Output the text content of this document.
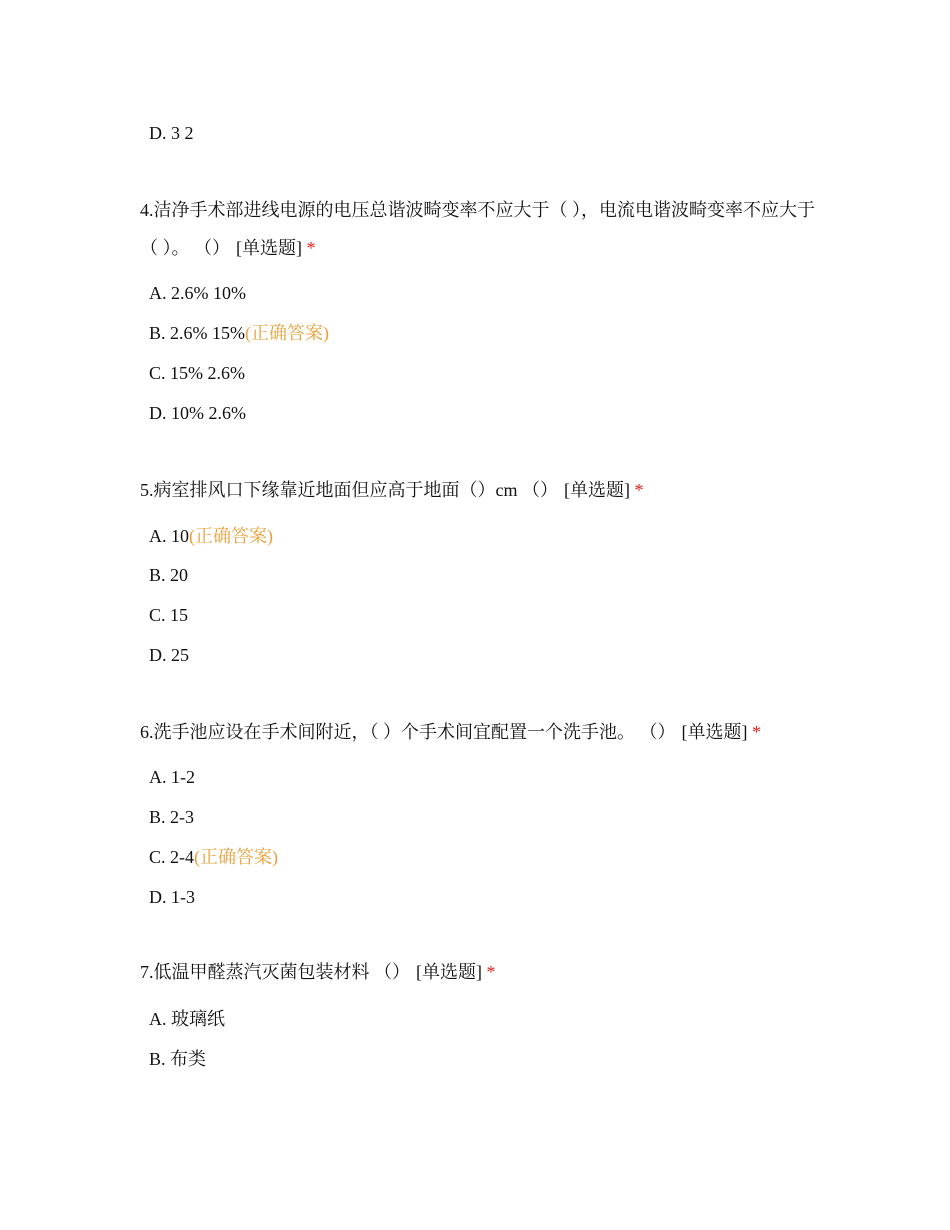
D. 3 2
4.洁净手术部进线电源的电压总谐波畸变率不应大于（ ），电流电谐波畸变率不应大于（ ）。 （） [单选题] *
A. 2.6% 10%
B. 2.6% 15%(正确答案)
C. 15% 2.6%
D. 10% 2.6%
5.病室排风口下缘靠近地面但应高于地面（）cm （） [单选题] *
A. 10(正确答案)
B. 20
C. 15
D. 25
6.洗手池应设在手术间附近，（ ）个手术间宜配置一个洗手池。 （） [单选题] *
A. 1-2
B. 2-3
C. 2-4(正确答案)
D. 1-3
7.低温甲醛蒸汽灭菌包装材料 （） [单选题] *
A. 玻璃纸
B. 布类
